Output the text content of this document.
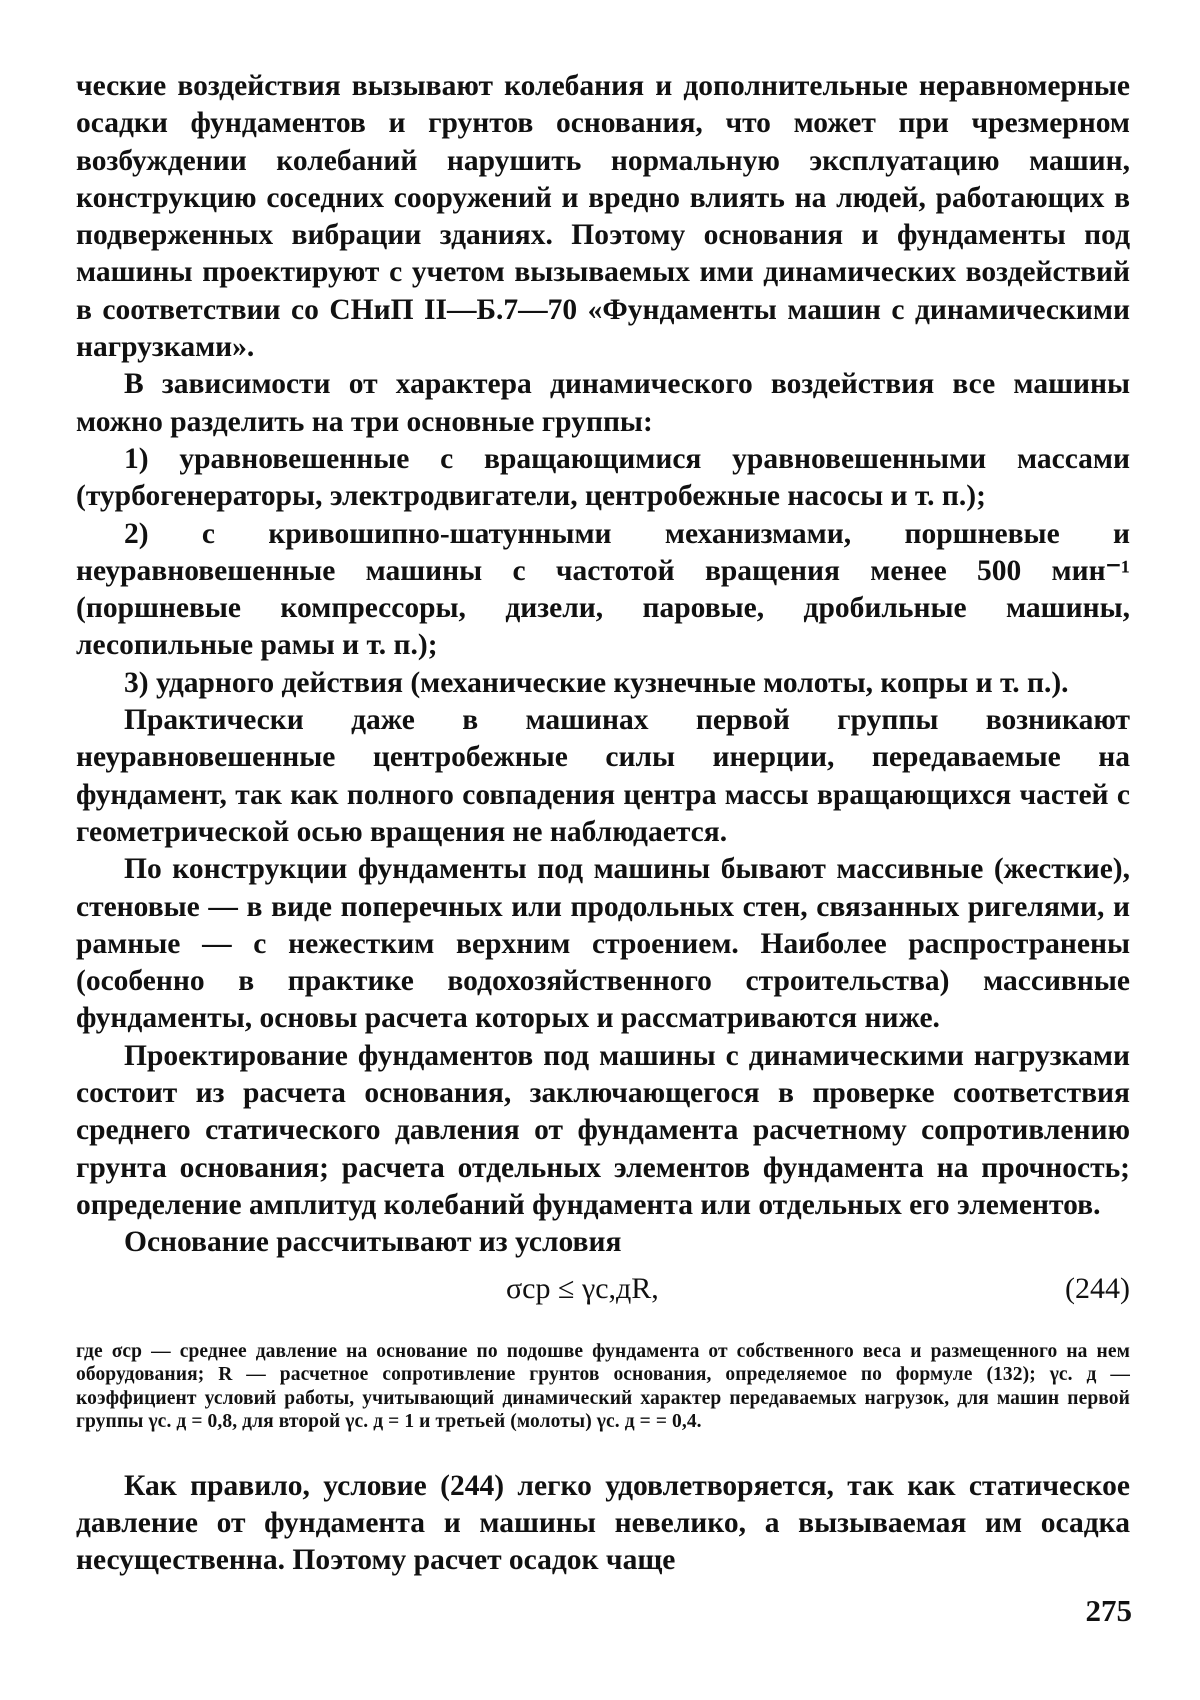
ческие воздействия вызывают колебания и дополнительные неравномерные осадки фундаментов и грунтов основания, что может при чрезмерном возбуждении колебаний нарушить нормальную эксплуатацию машин, конструкцию соседних сооружений и вредно влиять на людей, работающих в подверженных вибрации зданиях. Поэтому основания и фундаменты под машины проектируют с учетом вызываемых ими динамических воздействий в соответствии со СНиП II—Б.7—70 «Фундаменты машин с динамическими нагрузками».

В зависимости от характера динамического воздействия все машины можно разделить на три основные группы:

1) уравновешенные с вращающимися уравновешенными массами (турбогенераторы, электродвигатели, центробежные насосы и т. п.);

2) с кривошипно-шатунными механизмами, поршневые и неуравновешенные машины с частотой вращения менее 500 мин⁻¹ (поршневые компрессоры, дизели, паровые, дробильные машины, лесопильные рамы и т. п.);

3) ударного действия (механические кузнечные молоты, копры и т. п.).

Практически даже в машинах первой группы возникают неуравновешенные центробежные силы инерции, передаваемые на фундамент, так как полного совпадения центра массы вращающихся частей с геометрической осью вращения не наблюдается.

По конструкции фундаменты под машины бывают массивные (жесткие), стеновые — в виде поперечных или продольных стен, связанных ригелями, и рамные — с нежестким верхним строением. Наиболее распространены (особенно в практике водохозяйственного строительства) массивные фундаменты, основы расчета которых и рассматриваются ниже.

Проектирование фундаментов под машины с динамическими нагрузками состоит из расчета основания, заключающегося в проверке соответствия среднего статического давления от фундамента расчетному сопротивлению грунта основания; расчета отдельных элементов фундамента на прочность; определение амплитуд колебаний фундамента или отдельных его элементов.

Основание рассчитывают из условия

σср ≤ γс,дR,	(244)

где σср — среднее давление на основание по подошве фундамента от собственного веса и размещенного на нем оборудования; R — расчетное сопротивление грунтов основания, определяемое по формуле (132); γс. д — коэффициент условий работы, учитывающий динамический характер передаваемых нагрузок, для машин первой группы γс. д = 0,8, для второй γс. д = 1 и третьей (молоты) γс. д = = 0,4.

Как правило, условие (244) легко удовлетворяется, так как статическое давление от фундамента и машины невелико, а вызываемая им осадка несущественна. Поэтому расчет осадок чаще

275
